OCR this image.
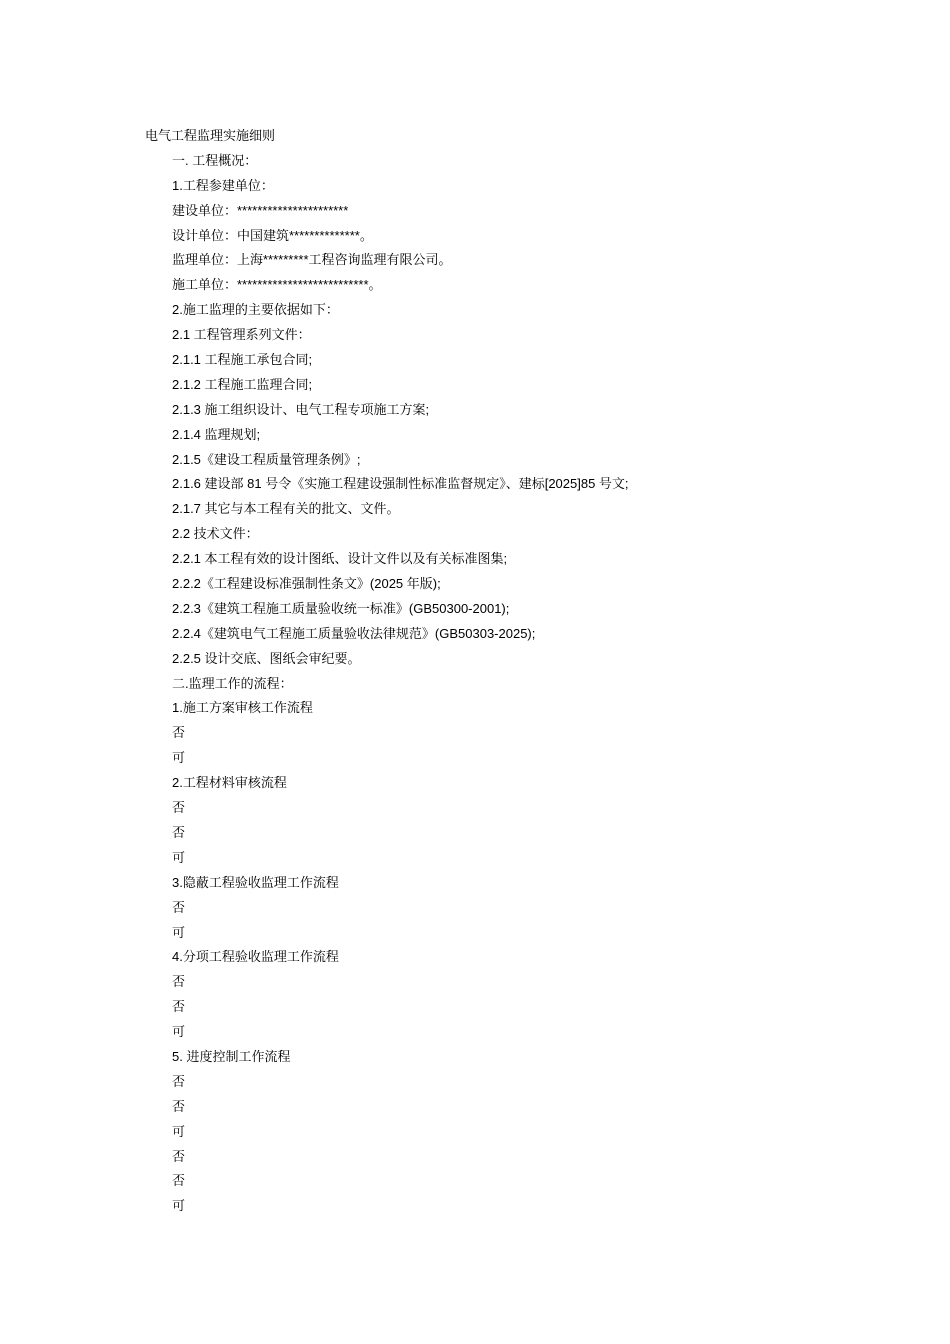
电气工程监理实施细则
一. 工程概况：
1.工程参建单位：
建设单位：**********************
设计单位：中国建筑**************。
监理单位：上海*********工程咨询监理有限公司。
施工单位：**************************。
2.施工监理的主要依据如下：
2.1 工程管理系列文件：
2.1.1 工程施工承包合同;
2.1.2 工程施工监理合同;
2.1.3 施工组织设计、电气工程专项施工方案;
2.1.4 监理规划;
2.1.5《建设工程质量管理条例》;
2.1.6 建设部 81 号令《实施工程建设强制性标准监督规定》、建标[2025]85 号文;
2.1.7 其它与本工程有关的批文、文件。
2.2 技术文件：
2.2.1 本工程有效的设计图纸、设计文件以及有关标准图集;
2.2.2《工程建设标准强制性条文》(2025 年版);
2.2.3《建筑工程施工质量验收统一标准》(GB50300-2001);
2.2.4《建筑电气工程施工质量验收法律规范》(GB50303-2025);
2.2.5 设计交底、图纸会审纪要。
二.监理工作的流程：
1.施工方案审核工作流程
否
可
2.工程材料审核流程
否
否
可
3.隐蔽工程验收监理工作流程
否
可
4.分项工程验收监理工作流程
否
否
可
5. 进度控制工作流程
否
否
可
否
否
可
